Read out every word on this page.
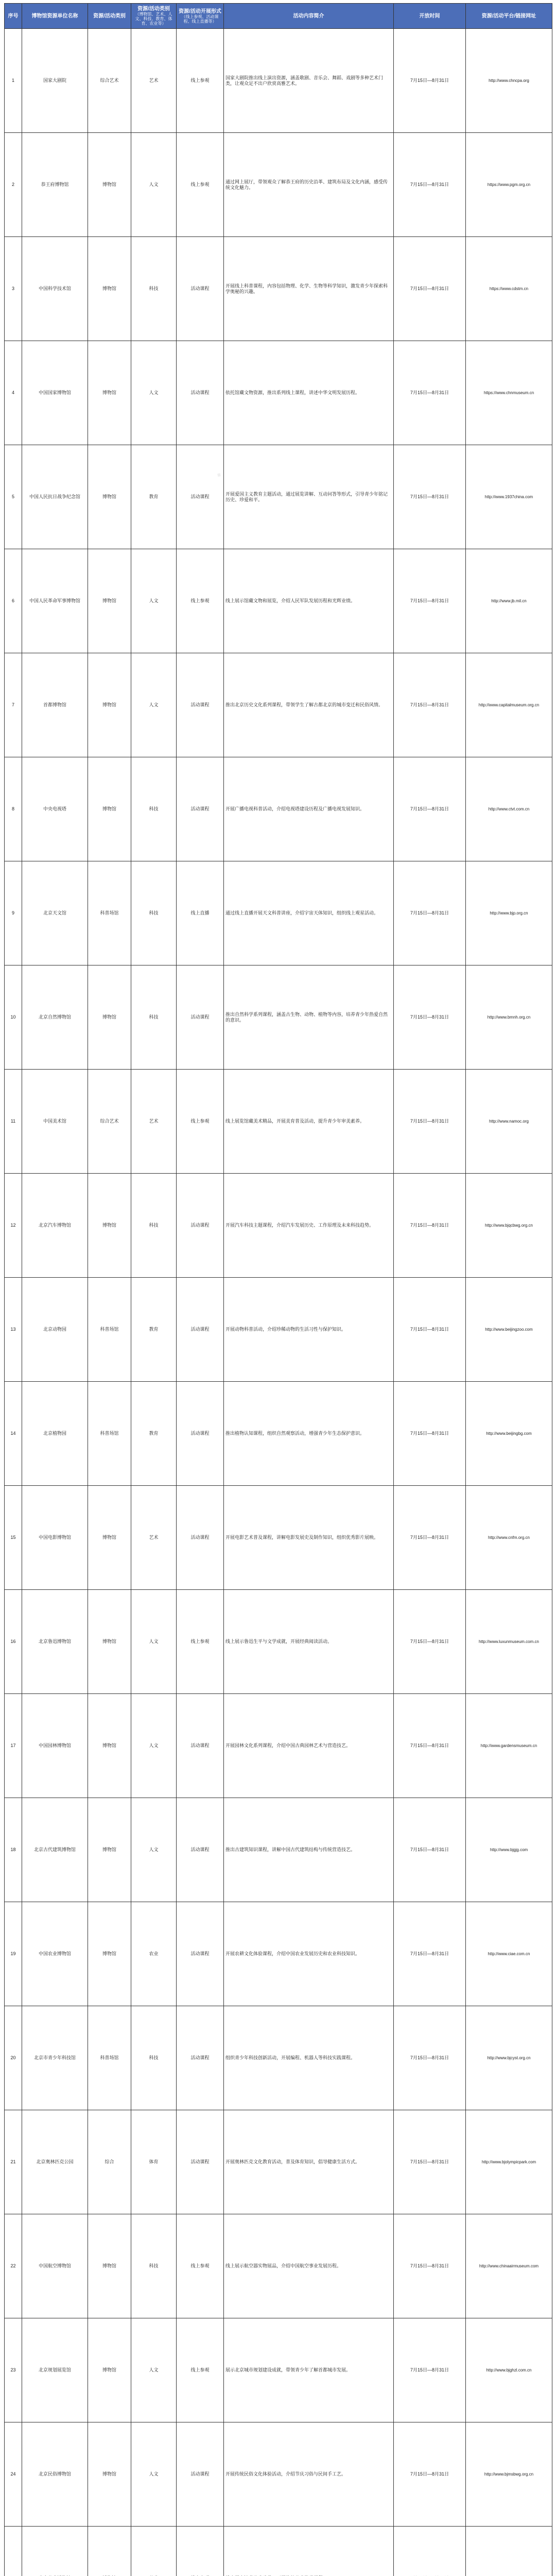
序号	博物馆资源单位名称	资源/活动类别	资源/活动类别
（博物馆、艺术、人文、科技、教育、体育、农业等）	资源/活动开展形式
（线上参观、活动课程、线上直播等）	活动内容简介	开放时间	资源/活动平台/链接网址
1	国家大剧院	综合艺术	艺术	线上参观	国家大剧院推出线上演出资源，涵盖歌剧、音乐会、舞蹈、戏剧等多种艺术门类，让观众足不出户欣赏高雅艺术。	7月15日—8月31日	http://www.chncpa.org
2	恭王府博物馆	博物馆	人文	线上参观	通过网上展厅，带领观众了解恭王府的历史沿革、建筑布局及文化内涵，感受传统文化魅力。	7月15日—8月31日	https://www.pgm.org.cn
3	中国科学技术馆	博物馆	科技	活动课程	开展线上科普课程，内容包括物理、化学、生物等科学知识，激发青少年探索科学奥秘的兴趣。	7月15日—8月31日	https://www.cdstm.cn
4	中国国家博物馆	博物馆	人文	活动课程	依托馆藏文物资源，推出系列线上课程，讲述中华文明发展历程。	7月15日—8月31日	https://www.chnmuseum.cn
5	中国人民抗日战争纪念馆	博物馆	教育	活动课程	开展爱国主义教育主题活动，通过展览讲解、互动问答等形式，引导青少年铭记历史、珍爱和平。	7月15日—8月31日	http://www.1937china.com
6	中国人民革命军事博物馆	博物馆	人文	线上参观	线上展示馆藏文物和展览，介绍人民军队发展历程和光辉业绩。	7月15日—8月31日	http://www.jb.mil.cn
7	首都博物馆	博物馆	人文	活动课程	推出北京历史文化系列课程，带领学生了解古都北京的城市变迁和民俗风情。	7月15日—8月31日	http://www.capitalmuseum.org.cn
8	中央电视塔	博物馆	科技	活动课程	开展广播电视科普活动，介绍电视塔建设历程及广播电视发展知识。	7月15日—8月31日	http://www.ctvt.com.cn
9	北京天文馆	科普场馆	科技	线上直播	通过线上直播开展天文科普讲座，介绍宇宙天体知识，组织线上观星活动。	7月15日—8月31日	http://www.bjp.org.cn
10	北京自然博物馆	博物馆	科技	活动课程	推出自然科学系列课程，涵盖古生物、动物、植物等内容，培养青少年热爱自然的意识。	7月15日—8月31日	http://www.bmnh.org.cn
11	中国美术馆	综合艺术	艺术	线上参观	线上展览馆藏美术精品，开展美育普及活动，提升青少年审美素养。	7月15日—8月31日	http://www.namoc.org
12	北京汽车博物馆	博物馆	科技	活动课程	开展汽车科技主题课程，介绍汽车发展历史、工作原理及未来科技趋势。	7月15日—8月31日	http://www.bjqcbwg.org.cn
13	北京动物园	科普场馆	教育	活动课程	开展动物科普活动，介绍珍稀动物的生活习性与保护知识。	7月15日—8月31日	http://www.beijingzoo.com
14	北京植物园	科普场馆	教育	活动课程	推出植物认知课程，组织自然观察活动，增强青少年生态保护意识。	7月15日—8月31日	http://www.beijingbg.com
15	中国电影博物馆	博物馆	艺术	活动课程	开展电影艺术普及课程，讲解电影发展史及制作知识，组织优秀影片展映。	7月15日—8月31日	http://www.cnfm.org.cn
16	北京鲁迅博物馆	博物馆	人文	线上参观	线上展示鲁迅生平与文学成就，开展经典阅读活动。	7月15日—8月31日	http://www.luxunmuseum.com.cn
17	中国园林博物馆	博物馆	人文	活动课程	开展园林文化系列课程，介绍中国古典园林艺术与营造技艺。	7月15日—8月31日	http://www.gardensmuseum.cn
18	北京古代建筑博物馆	博物馆	人文	活动课程	推出古建筑知识课程，讲解中国古代建筑结构与传统营造技艺。	7月15日—8月31日	http://www.bjgjg.com
19	中国农业博物馆	博物馆	农业	活动课程	开展农耕文化体验课程，介绍中国农业发展历史和农业科技知识。	7月15日—8月31日	http://www.ciae.com.cn
20	北京市青少年科技馆	科普场馆	科技	活动课程	组织青少年科技创新活动，开展编程、机器人等科技实践课程。	7月15日—8月31日	http://www.bjcyst.org.cn
21	北京奥林匹克公园	综合	体育	活动课程	开展奥林匹克文化教育活动，普及体育知识，倡导健康生活方式。	7月15日—8月31日	http://www.bjolympicpark.com
22	中国航空博物馆	博物馆	科技	线上参观	线上展示航空器实物展品，介绍中国航空事业发展历程。	7月15日—8月31日	http://www.chinaairmuseum.com
23	北京规划展览馆	博物馆	人文	线上参观	展示北京城市规划建设成就，带领青少年了解首都城市发展。	7月15日—8月31日	http://www.bjghzl.com.cn
24	北京民俗博物馆	博物馆	人文	活动课程	开展传统民俗文化体验活动，介绍节庆习俗与民间手工艺。	7月15日—8月31日	http://www.bjmsbwg.org.cn

·
